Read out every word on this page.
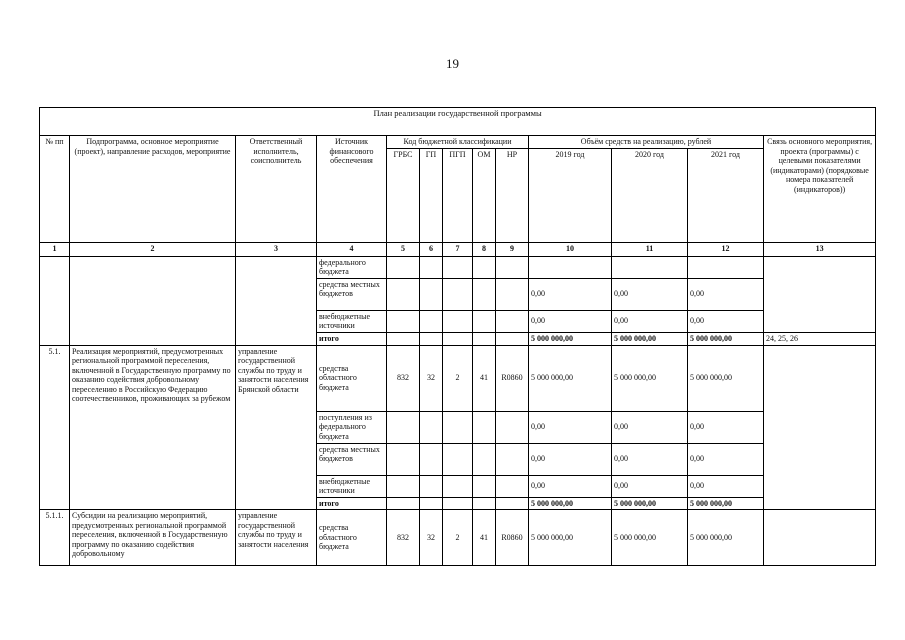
19
План реализации государственной программы												
№ пп	Подпрограмма, основное мероприятие (проект), направление расходов, мероприятие	Ответственный исполнитель, соисполнитель	Источник финансового обеспечения	Код бюджетной классификации					Объём средств на реализацию, рублей			Связь основного мероприятия, проекта (программы) с целевыми показателями (индикаторами) (порядковые номера показателей (индикаторов))
				ГРБС	ГП	ПГП	ОМ	НР	2019 год	2020 год	2021 год	
1	2	3	4	5	6	7	8	9	10	11	12	13
			федерального бюджета									
			средства местных бюджетов						0,00	0,00	0,00	
			внебюджетные источники						0,00	0,00	0,00	
			итого						5 000 000,00	5 000 000,00	5 000 000,00	24, 25, 26
5.1.	Реализация мероприятий, предусмотренных региональной программой переселения, включенной в Государственную программу по оказанию содействия добровольному переселению в Российскую Федерацию соотечественников, проживающих за рубежом	управление государственной службы по труду и занятости населения Брянской области	средства областного бюджета	832	32	2	41	R0860	5 000 000,00	5 000 000,00	5 000 000,00	
			поступления из федерального бюджета						0,00	0,00	0,00	
			средства местных бюджетов						0,00	0,00	0,00	
			внебюджетные источники						0,00	0,00	0,00	
			итого						5 000 000,00	5 000 000,00	5 000 000,00	
5.1.1.	Субсидии на реализацию мероприятий, предусмотренных региональной программой переселения, включенной в Государственную программу по оказанию содействия добровольному	управление государственной службы по труду и занятости населения	средства областного бюджета	832	32	2	41	R0860	5 000 000,00	5 000 000,00	5 000 000,00	
